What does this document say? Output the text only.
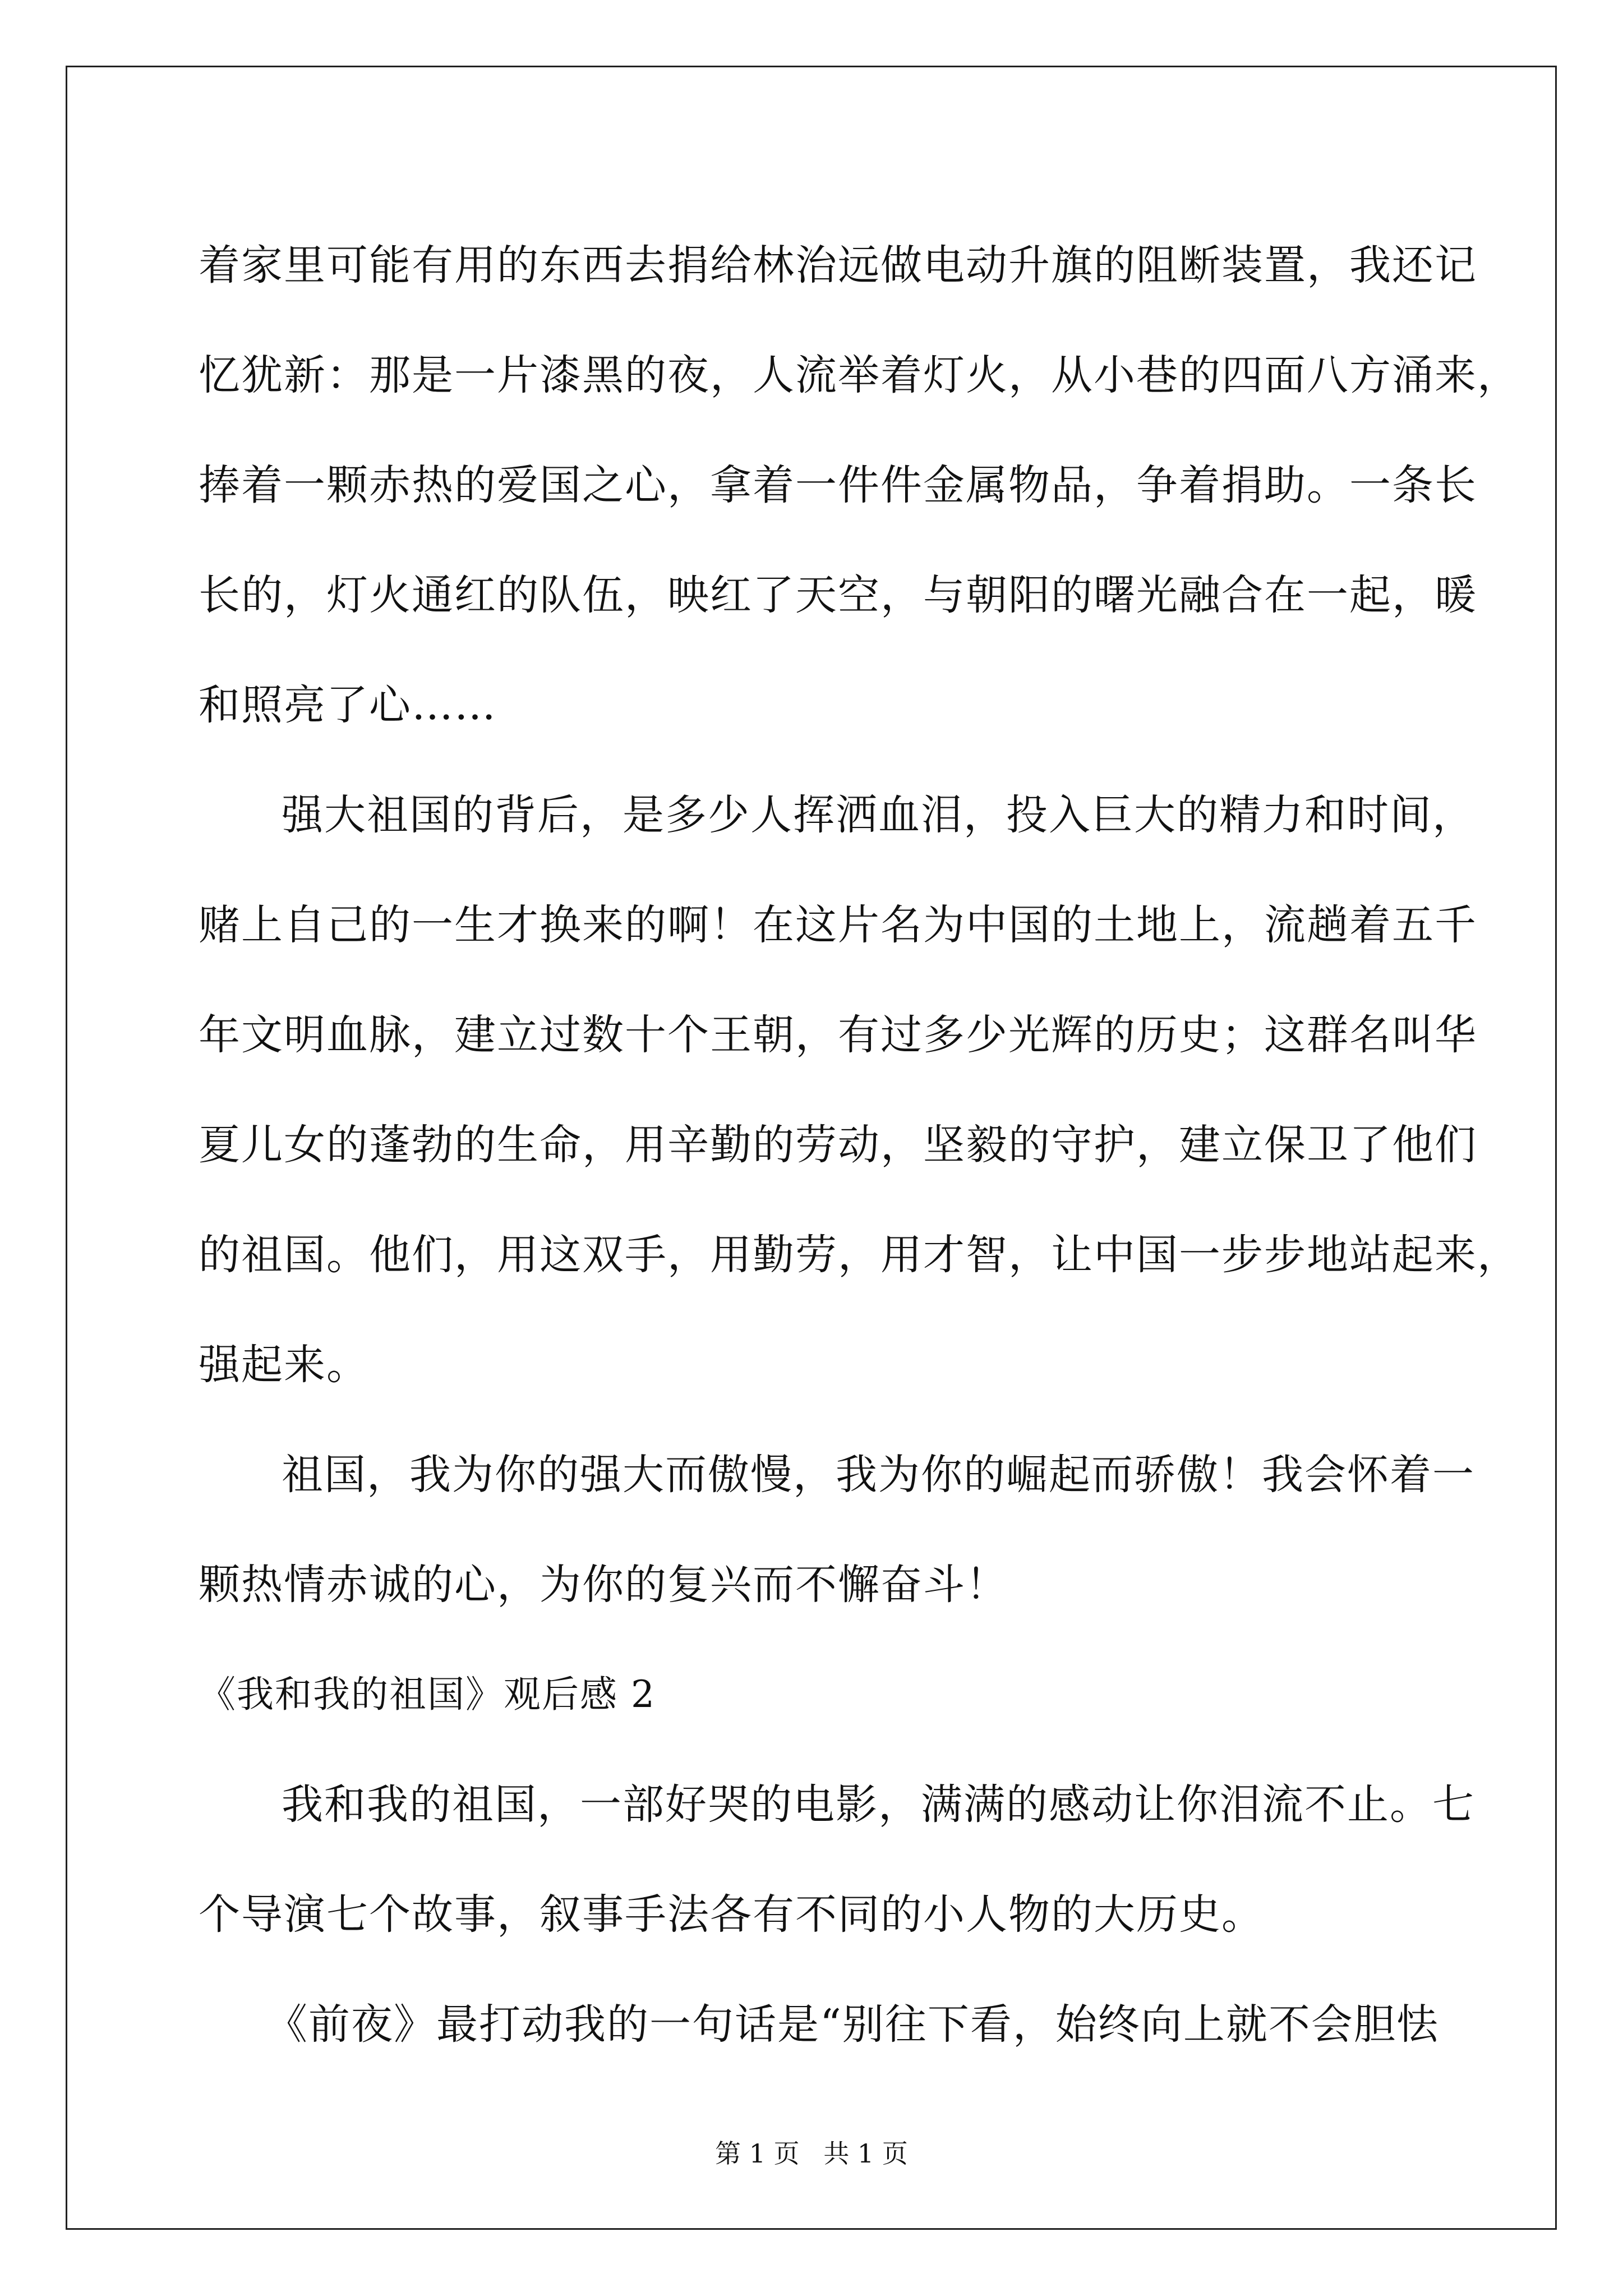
着家里可能有用的东西去捐给林治远做电动升旗的阻断装置，我还记
忆犹新：那是一片漆黑的夜，人流举着灯火，从小巷的四面八方涌来，
捧着一颗赤热的爱国之心，拿着一件件金属物品，争着捐助。一条长
长的，灯火通红的队伍，映红了天空，与朝阳的曙光融合在一起，暖
和照亮了心……
强大祖国的背后，是多少人挥洒血泪，投入巨大的精力和时间，
赌上自己的一生才换来的啊！在这片名为中国的土地上，流趟着五千
年文明血脉，建立过数十个王朝，有过多少光辉的历史；这群名叫华
夏儿女的蓬勃的生命，用辛勤的劳动，坚毅的守护，建立保卫了他们
的祖国。他们，用这双手，用勤劳，用才智，让中国一步步地站起来，
强起来。
祖国，我为你的强大而傲慢，我为你的崛起而骄傲！我会怀着一
颗热情赤诚的心，为你的复兴而不懈奋斗！
《我和我的祖国》观后感 2
我和我的祖国，一部好哭的电影，满满的感动让你泪流不止。七
个导演七个故事，叙事手法各有不同的小人物的大历史。
《前夜》最打动我的一句话是“别往下看，始终向上就不会胆怯
第 1 页 共 1 页
